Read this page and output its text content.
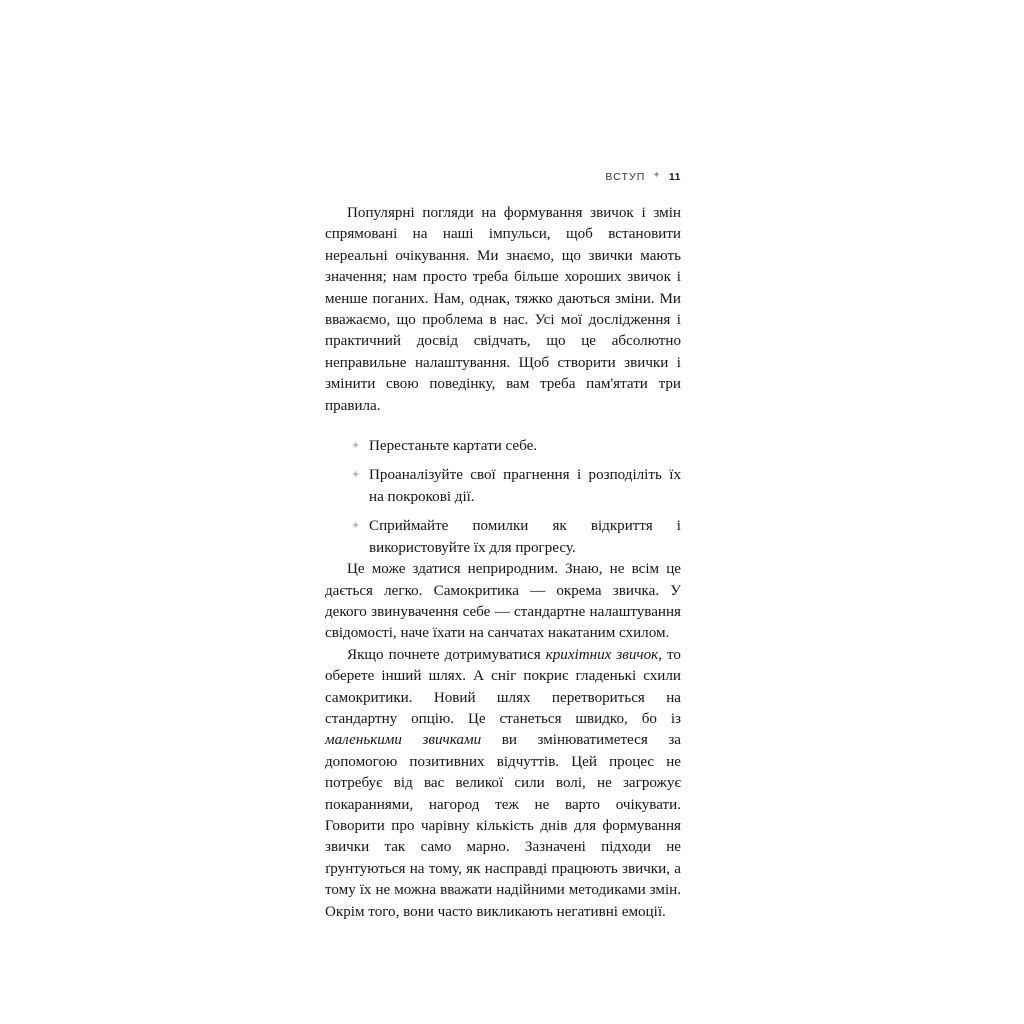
ВСТУП ✦ 11

Популярні погляди на формування звичок і змін спрямовані на наші імпульси, щоб встановити нереальні очікування. Ми знаємо, що звички мають значення; нам просто треба більше хороших звичок і менше поганих. Нам, однак, тяжко даються зміни. Ми вважаємо, що проблема в нас. Усі мої дослідження і практичний досвід свідчать, що це абсолютно неправильне налаштування. Щоб створити звички і змінити свою поведінку, вам треба пам'ятати три правила.

✦ Перестаньте картати себе.
✦ Проаналізуйте свої прагнення і розподіліть їх на покрокові дії.
✦ Сприймайте помилки як відкриття і використовуйте їх для прогресу.

Це може здатися неприродним. Знаю, не всім це дається легко. Самокритика — окрема звичка. У декого звинувачення себе — стандартне налаштування свідомості, наче їхати на санчатах накатаним схилом.

Якщо почнете дотримуватися крихітних звичок, то оберете інший шлях. А сніг покриє гладенькі схили самокритики. Новий шлях перетвориться на стандартну опцію. Це станеться швидко, бо із маленькими звичками ви змінюватиметеся за допомогою позитивних відчуттів. Цей процес не потребує від вас великої сили волі, не загрожує покараннями, нагород теж не варто очікувати. Говорити про чарівну кількість днів для формування звички так само марно. Зазначені підходи не ґрунтуються на тому, як насправді працюють звички, а тому їх не можна вважати надійними методиками змін. Окрім того, вони часто викликають негативні емоції.
